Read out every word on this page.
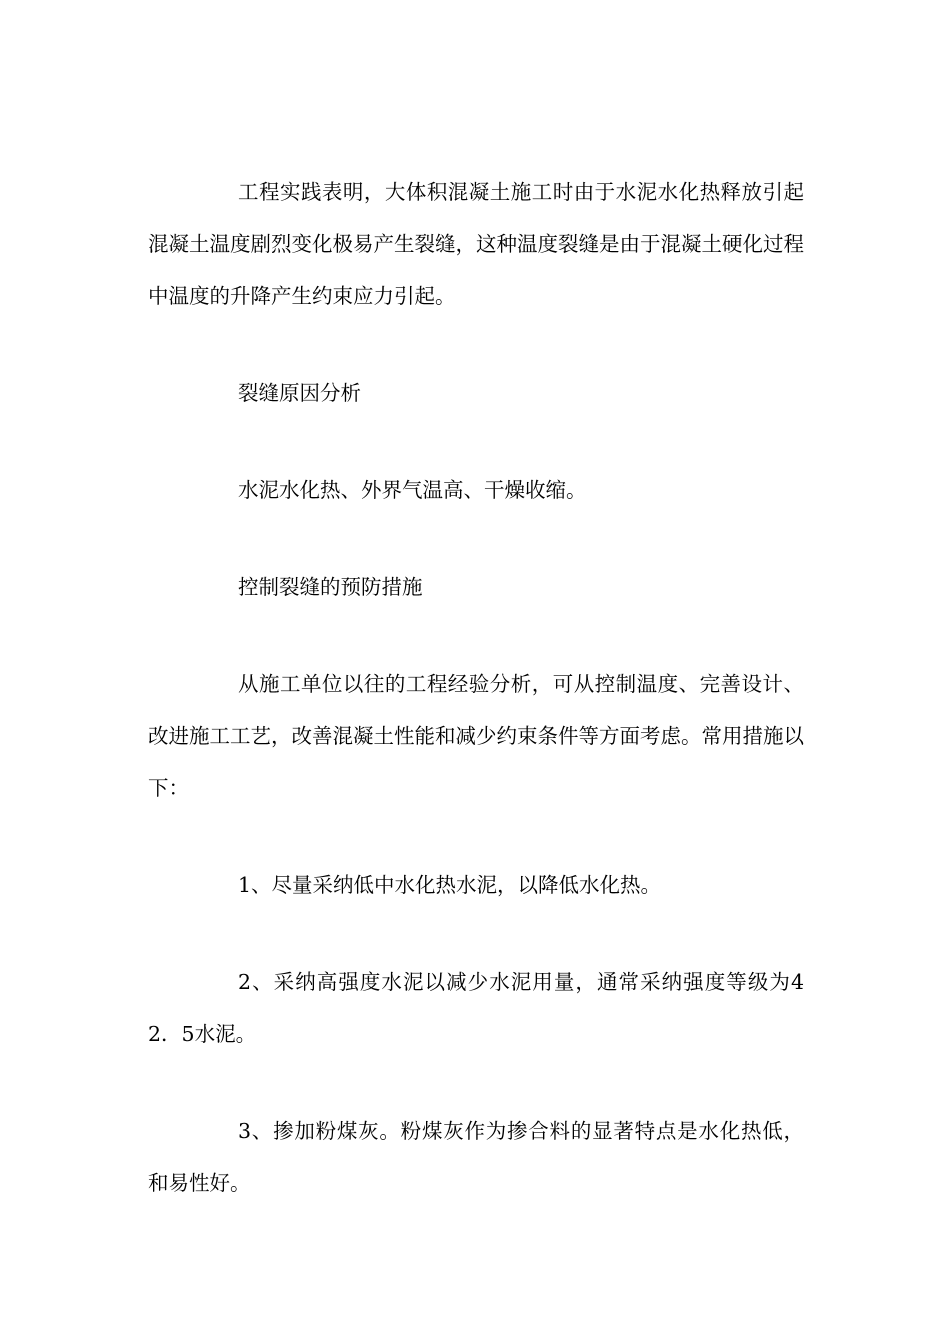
工程实践表明，大体积混凝土施工时由于水泥水化热释放引起混凝土温度剧烈变化极易产生裂缝，这种温度裂缝是由于混凝土硬化过程中温度的升降产生约束应力引起。

裂缝原因分析

水泥水化热、外界气温高、干燥收缩。

控制裂缝的预防措施

从施工单位以往的工程经验分析，可从控制温度、完善设计、改进施工工艺，改善混凝土性能和减少约束条件等方面考虑。常用措施以下：

1、尽量采纳低中水化热水泥，以降低水化热。

2、采纳高强度水泥以减少水泥用量，通常采纳强度等级为42．5水泥。

3、掺加粉煤灰。粉煤灰作为掺合料的显著特点是水化热低，和易性好。
